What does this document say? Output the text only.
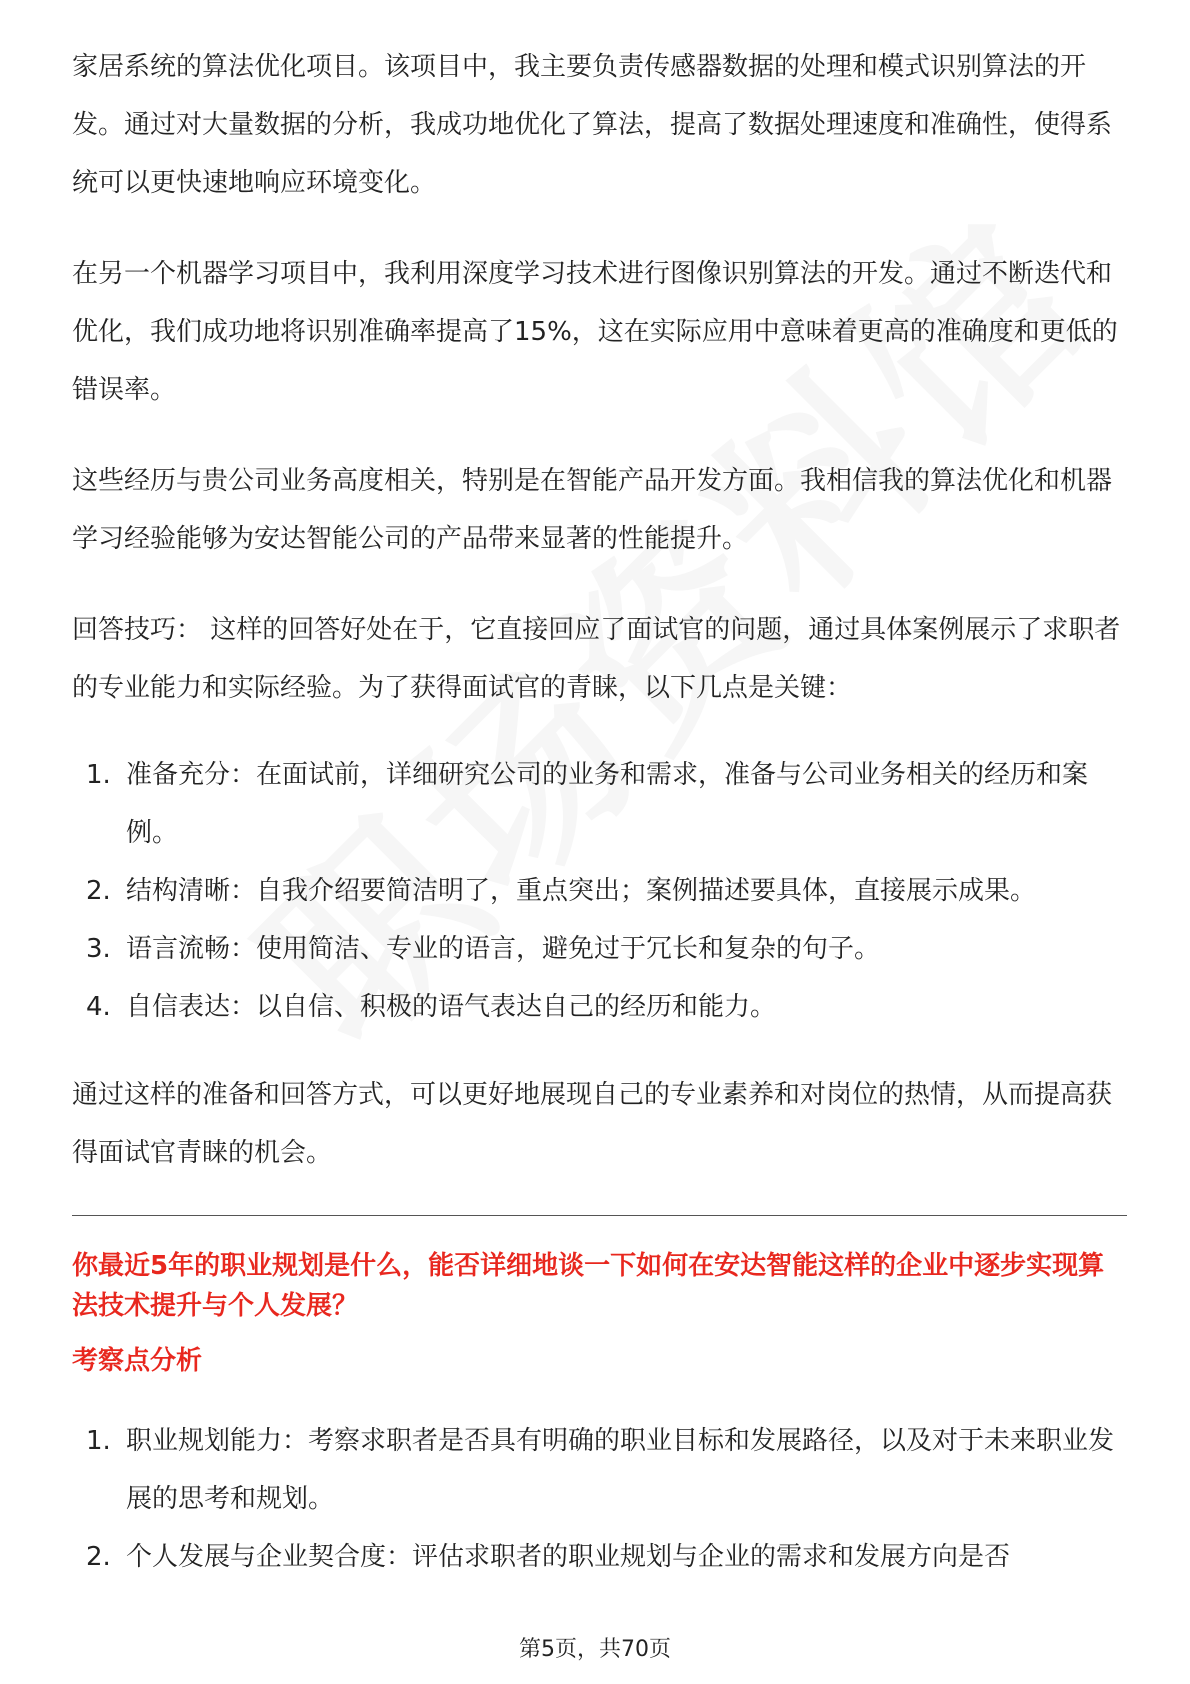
家居系统的算法优化项目。该项目中，我主要负责传感器数据的处理和模式识别算法的开发。通过对大量数据的分析，我成功地优化了算法，提高了数据处理速度和准确性，使得系统可以更快速地响应环境变化。

在另一个机器学习项目中，我利用深度学习技术进行图像识别算法的开发。通过不断迭代和优化，我们成功地将识别准确率提高了15%，这在实际应用中意味着更高的准确度和更低的错误率。

这些经历与贵公司业务高度相关，特别是在智能产品开发方面。我相信我的算法优化和机器学习经验能够为安达智能公司的产品带来显著的性能提升。

回答技巧： 这样的回答好处在于，它直接回应了面试官的问题，通过具体案例展示了求职者的专业能力和实际经验。为了获得面试官的青睐，以下几点是关键：

1. 准备充分：在面试前，详细研究公司的业务和需求，准备与公司业务相关的经历和案例。
2. 结构清晰：自我介绍要简洁明了，重点突出；案例描述要具体，直接展示成果。
3. 语言流畅：使用简洁、专业的语言，避免过于冗长和复杂的句子。
4. 自信表达：以自信、积极的语气表达自己的经历和能力。

通过这样的准备和回答方式，可以更好地展现自己的专业素养和对岗位的热情，从而提高获得面试官青睐的机会。

你最近5年的职业规划是什么，能否详细地谈一下如何在安达智能这样的企业中逐步实现算法技术提升与个人发展？
考察点分析
1. 职业规划能力：考察求职者是否具有明确的职业目标和发展路径，以及对于未来职业发展的思考和规划。
2. 个人发展与企业契合度：评估求职者的职业规划与企业的需求和发展方向是否
第5页，共70页
